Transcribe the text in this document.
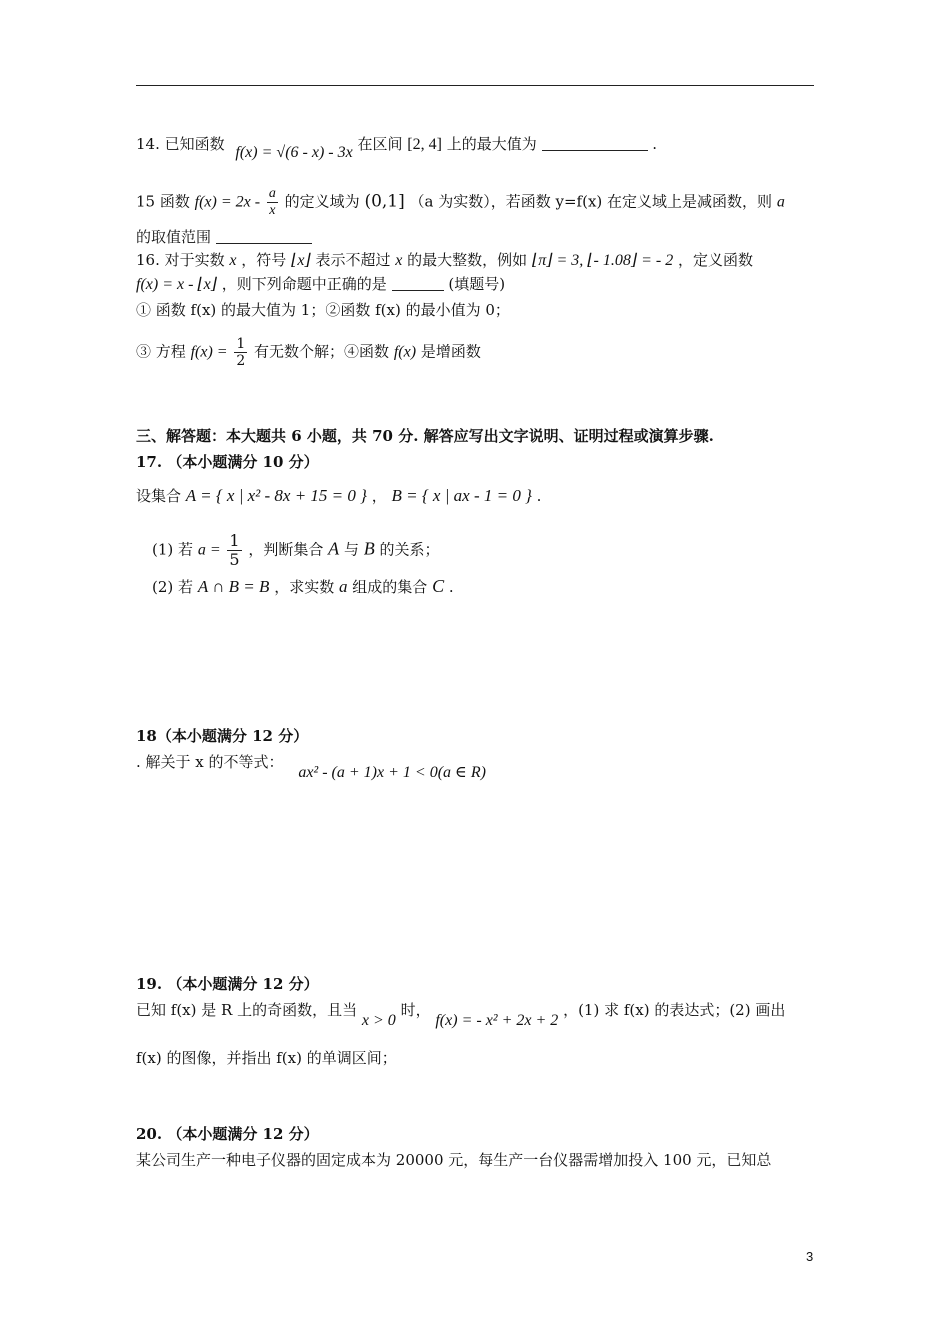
14. 已知函数 f(x) = √(6 - x) - 3x 在区间 [2, 4] 上的最大值为	.
15 函数 $f(x) = 2x - \frac{a}{x}$ 的定义域为 (0,1] （a 为实数），若函数 y=f(x) 在定义域上是减函数，则 a
的取值范围
16. 对于实数 x ，符号 ⌊x⌋ 表示不超过 x 的最大整数，例如 ⌊π⌋ = 3, ⌊- 1.08⌋ = - 2 ，定义函数
f(x) = x - ⌊x⌋ ，则下列命题中正确的是	(填题号)
① 函数 f(x) 的最大值为 1；②函数 f(x) 的最小值为 0；
③ 方程 $f(x) = \frac{1}{2}$ 有无数个解；④函数 f(x) 是增函数
三、解答题：本大题共 6 小题，共 70 分. 解答应写出文字说明、证明过程或演算步骤.
17. （本小题满分 10 分）
设集合 A = { x | x² - 8x + 15 = 0 } ， B = { x | ax - 1 = 0 } .
(1) 若 $a = \frac{1}{5}$ ，判断集合 A 与 B 的关系；
(2) 若 A ∩ B = B ，求实数 a 组成的集合 C .
18（本小题满分 12 分）
. 解关于 x 的不等式： ax² - (a + 1)x + 1 < 0(a ∈ R)
19. （本小题满分 12 分）
已知 f(x) 是 R 上的奇函数，且当 x > 0 时， f(x) = - x² + 2x + 2 ，(1) 求 f(x) 的表达式；(2) 画出
f(x) 的图像，并指出 f(x) 的单调区间；
20. （本小题满分 12 分）
某公司生产一种电子仪器的固定成本为 20000 元，每生产一台仪器需增加投入 100 元，已知总
3
